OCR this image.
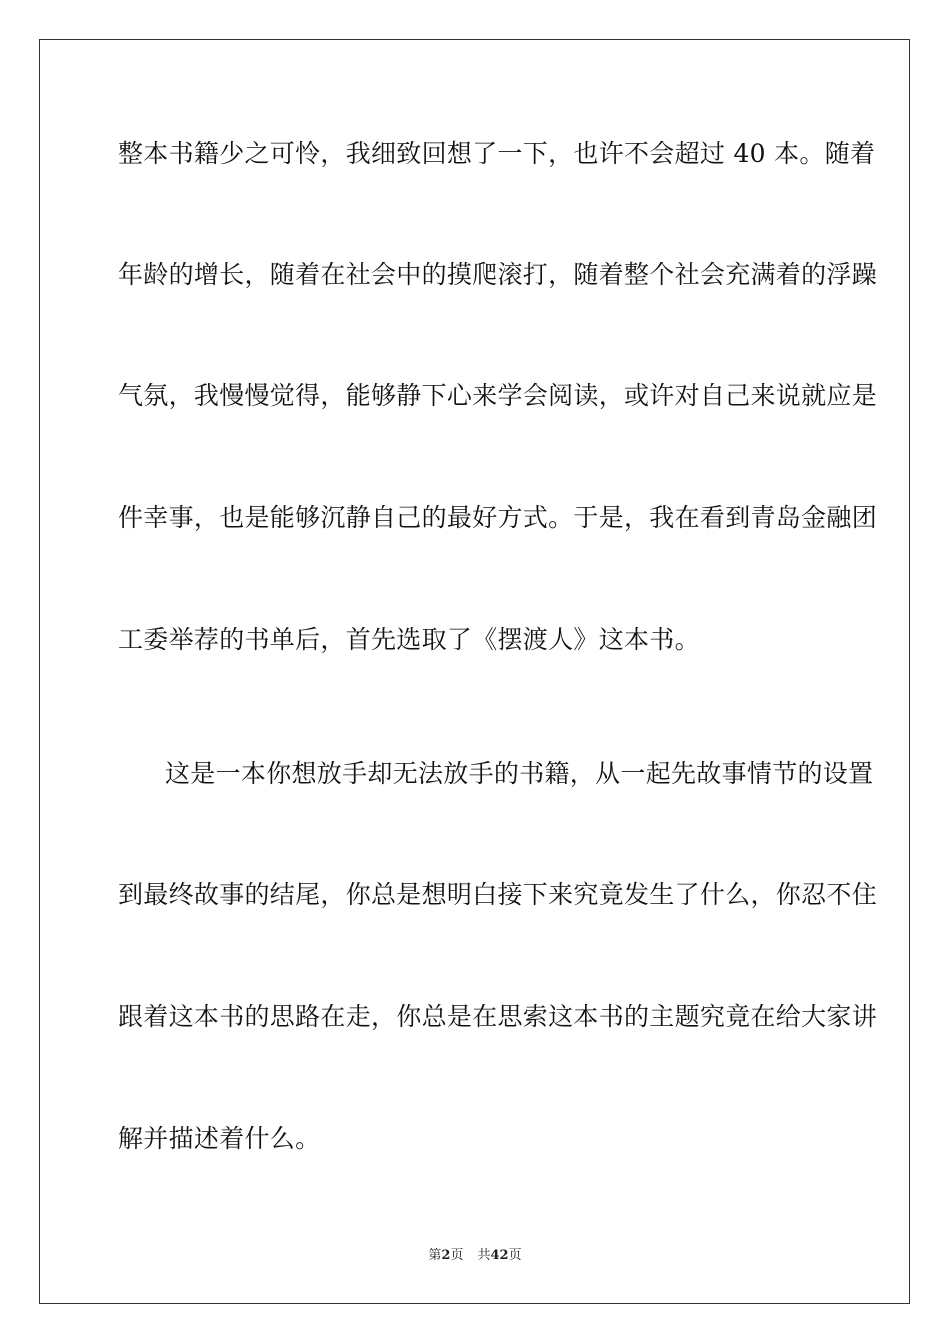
整本书籍少之可怜，我细致回想了一下，也许不会超过 40 本。随着
年龄的增长，随着在社会中的摸爬滚打，随着整个社会充满着的浮躁
气氛，我慢慢觉得，能够静下心来学会阅读，或许对自己来说就应是
件幸事，也是能够沉静自己的最好方式。于是，我在看到青岛金融团
工委举荐的书单后，首先选取了《摆渡人》这本书。
这是一本你想放手却无法放手的书籍，从一起先故事情节的设置
到最终故事的结尾，你总是想明白接下来究竟发生了什么，你忍不住
跟着这本书的思路在走，你总是在思索这本书的主题究竟在给大家讲
解并描述着什么。
第2页 共42页
